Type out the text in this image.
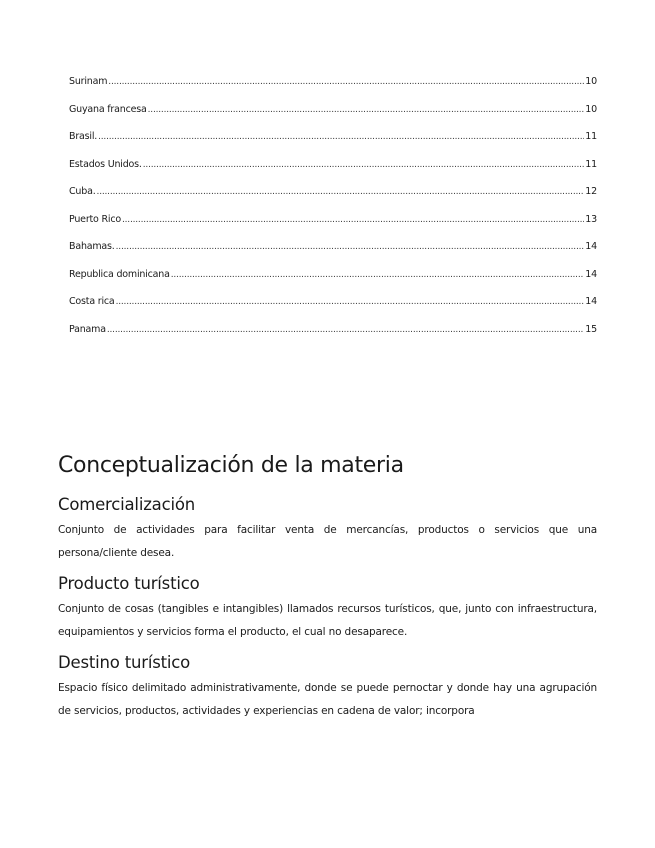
Surinam .....	10
Guyana francesa .....	10
Brasil. .....	11
Estados Unidos. .....	11
Cuba. .....	12
Puerto Rico .....	13
Bahamas. .....	14
Republica dominicana .....	14
Costa rica .....	14
Panama .....	15
Conceptualización de la materia
Comercialización

Conjunto de actividades para facilitar venta de mercancías, productos o servicios que una persona/cliente desea.

Producto turístico

Conjunto de cosas (tangibles e intangibles) llamados recursos turísticos, que, junto con infraestructura, equipamientos y servicios forma el producto, el cual no desaparece.

Destino turístico

Espacio físico delimitado administrativamente, donde se puede pernoctar y donde hay una agrupación de servicios, productos, actividades y experiencias en cadena de valor; incorpora
